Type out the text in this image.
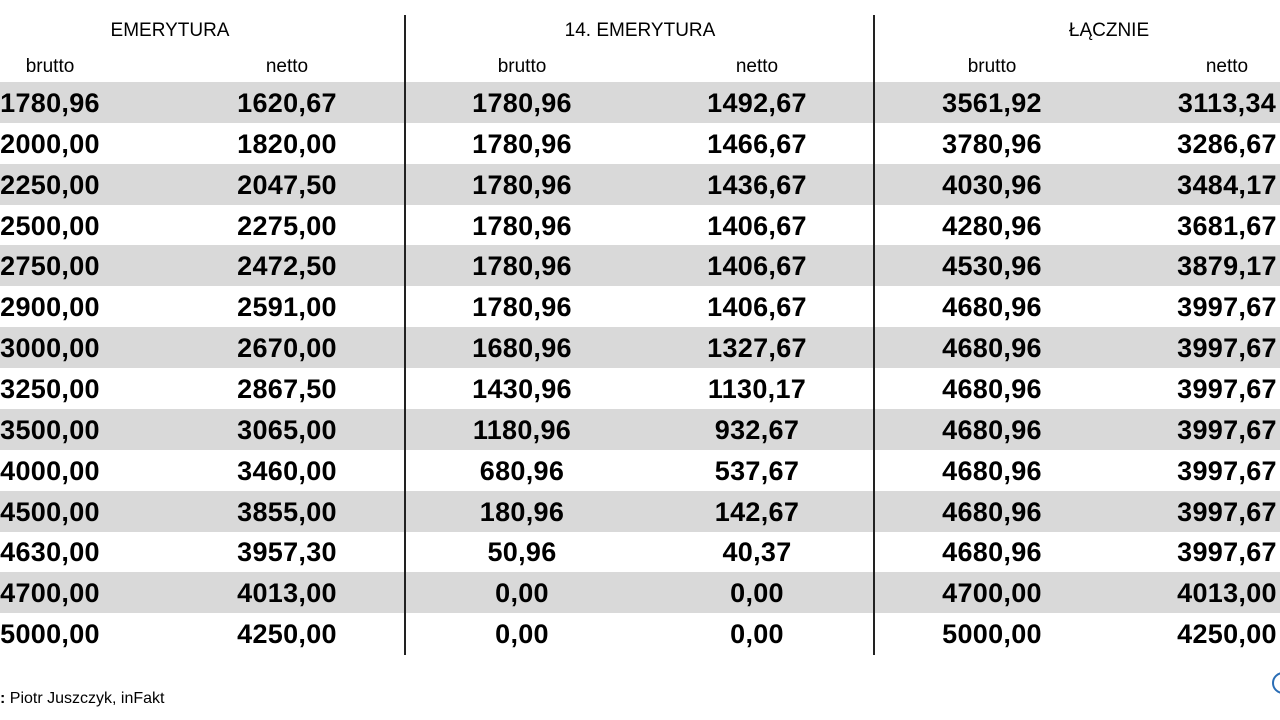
EMERYTURA	14. EMERYTURA	ŁĄCZNIE
brutto	netto	brutto	netto	brutto	netto
1780,96	1620,67	1780,96	1492,67	3561,92	3113,34
2000,00	1820,00	1780,96	1466,67	3780,96	3286,67
2250,00	2047,50	1780,96	1436,67	4030,96	3484,17
2500,00	2275,00	1780,96	1406,67	4280,96	3681,67
2750,00	2472,50	1780,96	1406,67	4530,96	3879,17
2900,00	2591,00	1780,96	1406,67	4680,96	3997,67
3000,00	2670,00	1680,96	1327,67	4680,96	3997,67
3250,00	2867,50	1430,96	1130,17	4680,96	3997,67
3500,00	3065,00	1180,96	932,67	4680,96	3997,67
4000,00	3460,00	680,96	537,67	4680,96	3997,67
4500,00	3855,00	180,96	142,67	4680,96	3997,67
4630,00	3957,30	50,96	40,37	4680,96	3997,67
4700,00	4013,00	0,00	0,00	4700,00	4013,00
5000,00	4250,00	0,00	0,00	5000,00	4250,00
: Piotr Juszczyk, inFakt
